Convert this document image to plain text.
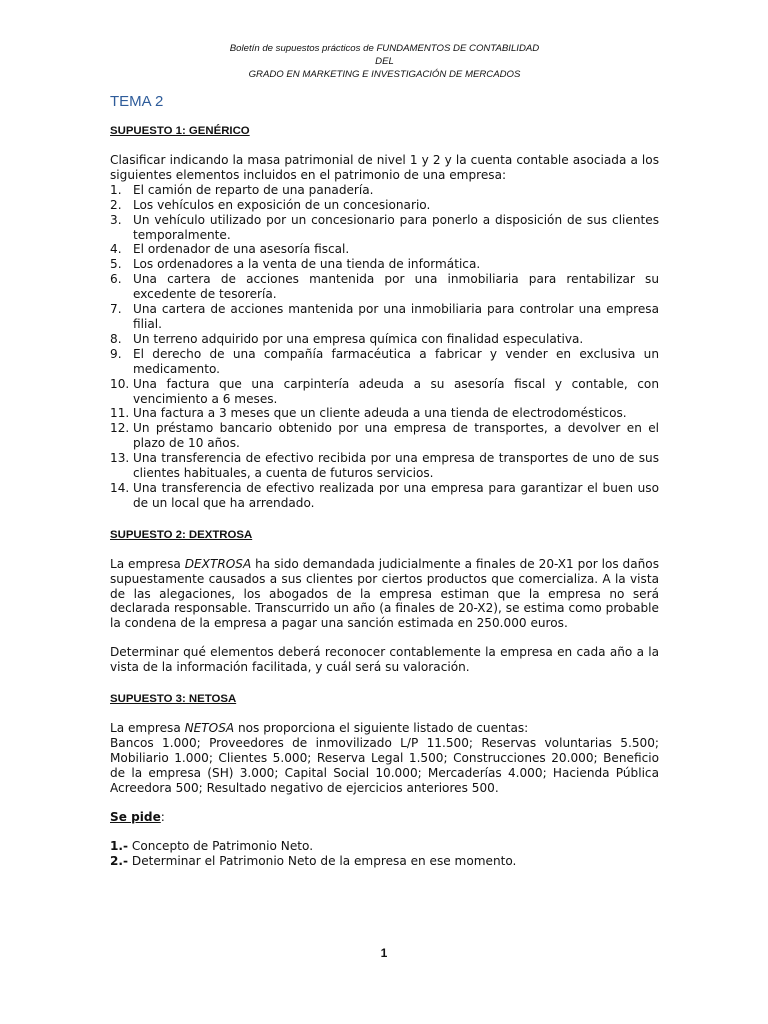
Boletín de supuestos prácticos de FUNDAMENTOS DE CONTABILIDAD
DEL
GRADO EN MARKETING E INVESTIGACIÓN DE MERCADOS
TEMA 2
SUPUESTO 1: GENÉRICO
Clasificar indicando la masa patrimonial de nivel 1 y 2 y la cuenta contable asociada a los siguientes elementos incluidos en el patrimonio de una empresa:
1. El camión de reparto de una panadería.
2. Los vehículos en exposición de un concesionario.
3. Un vehículo utilizado por un concesionario para ponerlo a disposición de sus clientes temporalmente.
4. El ordenador de una asesoría fiscal.
5. Los ordenadores a la venta de una tienda de informática.
6. Una cartera de acciones mantenida por una inmobiliaria para rentabilizar su excedente de tesorería.
7. Una cartera de acciones mantenida por una inmobiliaria para controlar una empresa filial.
8. Un terreno adquirido por una empresa química con finalidad especulativa.
9. El derecho de una compañía farmacéutica a fabricar y vender en exclusiva un medicamento.
10. Una factura que una carpintería adeuda a su asesoría fiscal y contable, con vencimiento a 6 meses.
11. Una factura a 3 meses que un cliente adeuda a una tienda de electrodomésticos.
12. Un préstamo bancario obtenido por una empresa de transportes, a devolver en el plazo de 10 años.
13. Una transferencia de efectivo recibida por una empresa de transportes de uno de sus clientes habituales, a cuenta de futuros servicios.
14. Una transferencia de efectivo realizada por una empresa para garantizar el buen uso de un local que ha arrendado.
SUPUESTO 2: DEXTROSA
La empresa DEXTROSA ha sido demandada judicialmente a finales de 20-X1 por los daños supuestamente causados a sus clientes por ciertos productos que comercializa. A la vista de las alegaciones, los abogados de la empresa estiman que la empresa no será declarada responsable. Transcurrido un año (a finales de 20-X2), se estima como probable la condena de la empresa a pagar una sanción estimada en 250.000 euros.
Determinar qué elementos deberá reconocer contablemente la empresa en cada año a la vista de la información facilitada, y cuál será su valoración.
SUPUESTO 3: NETOSA
La empresa NETOSA nos proporciona el siguiente listado de cuentas:
Bancos 1.000; Proveedores de inmovilizado L/P 11.500; Reservas voluntarias 5.500; Mobiliario 1.000; Clientes 5.000; Reserva Legal 1.500; Construcciones 20.000; Beneficio de la empresa (SH) 3.000; Capital Social 10.000; Mercaderías 4.000; Hacienda Pública Acreedora 500; Resultado negativo de ejercicios anteriores 500.
Se pide:
1.- Concepto de Patrimonio Neto.
2.- Determinar el Patrimonio Neto de la empresa en ese momento.
1
